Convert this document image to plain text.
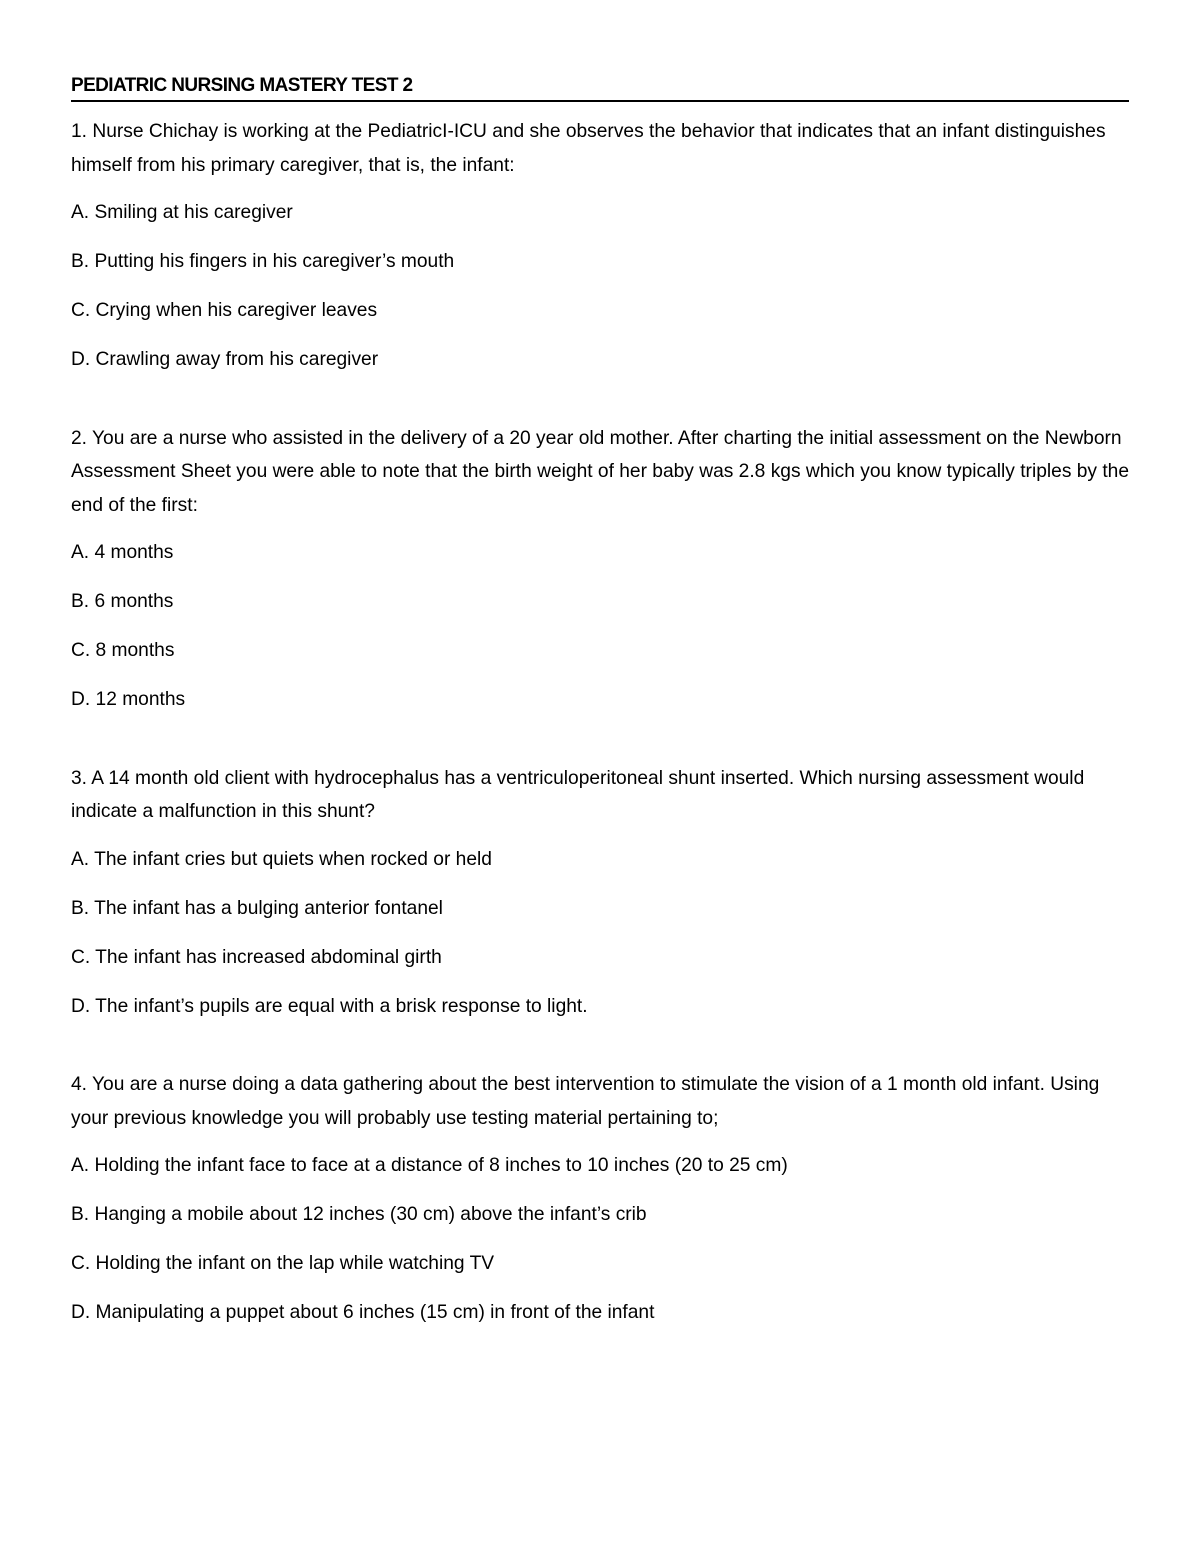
PEDIATRIC NURSING MASTERY TEST 2

1. Nurse Chichay is working at the PediatricI-ICU and she observes the behavior that indicates that an infant distinguishes himself from his primary caregiver, that is, the infant:

A. Smiling at his caregiver

B. Putting his fingers in his caregiver’s mouth

C. Crying when his caregiver leaves

D. Crawling away from his caregiver

2. You are a nurse who assisted in the delivery of a 20 year old mother. After charting the initial assessment on the Newborn Assessment Sheet you were able to note that the birth weight of her baby was 2.8 kgs which you know typically triples by the end of the first:

A. 4 months

B. 6 months

C. 8 months

D. 12 months

3. A 14 month old client with hydrocephalus has a ventriculoperitoneal shunt inserted. Which nursing assessment would indicate a malfunction in this shunt?

A. The infant cries but quiets when rocked or held

B. The infant has a bulging anterior fontanel

C. The infant has increased abdominal girth

D. The infant’s pupils are equal with a brisk response to light.

4. You are a nurse doing a data gathering about the best intervention to stimulate the vision of a 1 month old infant. Using your previous knowledge you will probably use testing material pertaining to;

A. Holding the infant face to face at a distance of 8 inches to 10 inches (20 to 25 cm)

B. Hanging a mobile about 12 inches (30 cm) above the infant’s crib

C. Holding the infant on the lap while watching TV

D. Manipulating a puppet about 6 inches (15 cm) in front of the infant
